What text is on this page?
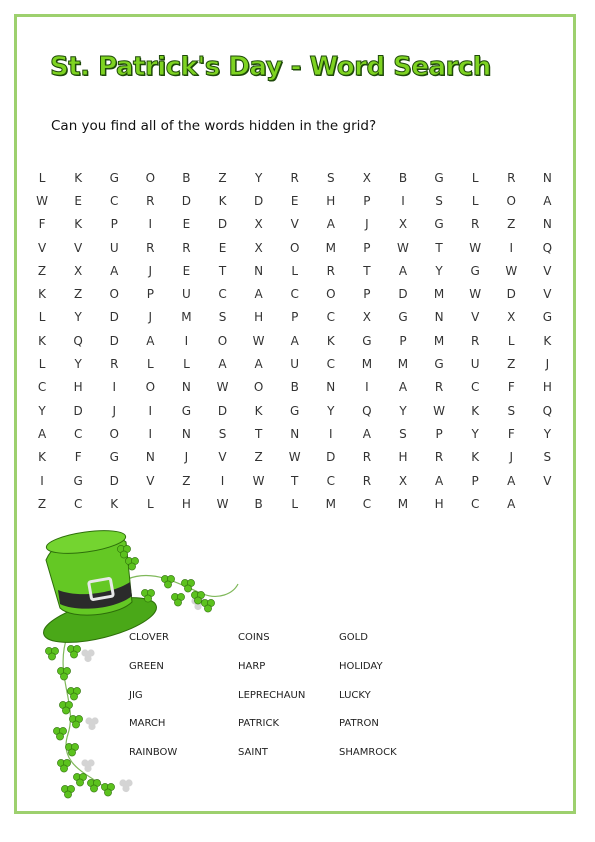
St. Patrick's Day - Word Search

Can you find all of the words hidden in the grid?

L	K	G	O	B	Z	Y	R	S	X	B	G	L	R	N
W	E	C	R	D	K	D	E	H	P	I	S	L	O	A
F	K	P	I	E	D	X	V	A	J	X	G	R	Z	N
V	V	U	R	R	E	X	O	M	P	W	T	W	I	Q
Z	X	A	J	E	T	N	L	R	T	A	Y	G	W	V
K	Z	O	P	U	C	A	C	O	P	D	M	W	D	V
L	Y	D	J	M	S	H	P	C	X	G	N	V	X	G
K	Q	D	A	I	O	W	A	K	G	P	M	R	L	K
L	Y	R	L	L	A	A	U	C	M	M	G	U	Z	J
C	H	I	O	N	W	O	B	N	I	A	R	C	F	H
Y	D	J	I	G	D	K	G	Y	Q	Y	W	K	S	Q
A	C	O	I	N	S	T	N	I	A	S	P	Y	F	Y
K	F	G	N	J	V	Z	W	D	R	H	R	K	J	S
I	G	D	V	Z	I	W	T	C	R	X	A	P	A	V
Z	C	K	L	H	W	B	L	M	C	M	H	C	A
CLOVER	COINS	GOLD
GREEN	HARP	HOLIDAY
JIG	LEPRECHAUN	LUCKY
MARCH	PATRICK	PATRON
RAINBOW	SAINT	SHAMROCK
